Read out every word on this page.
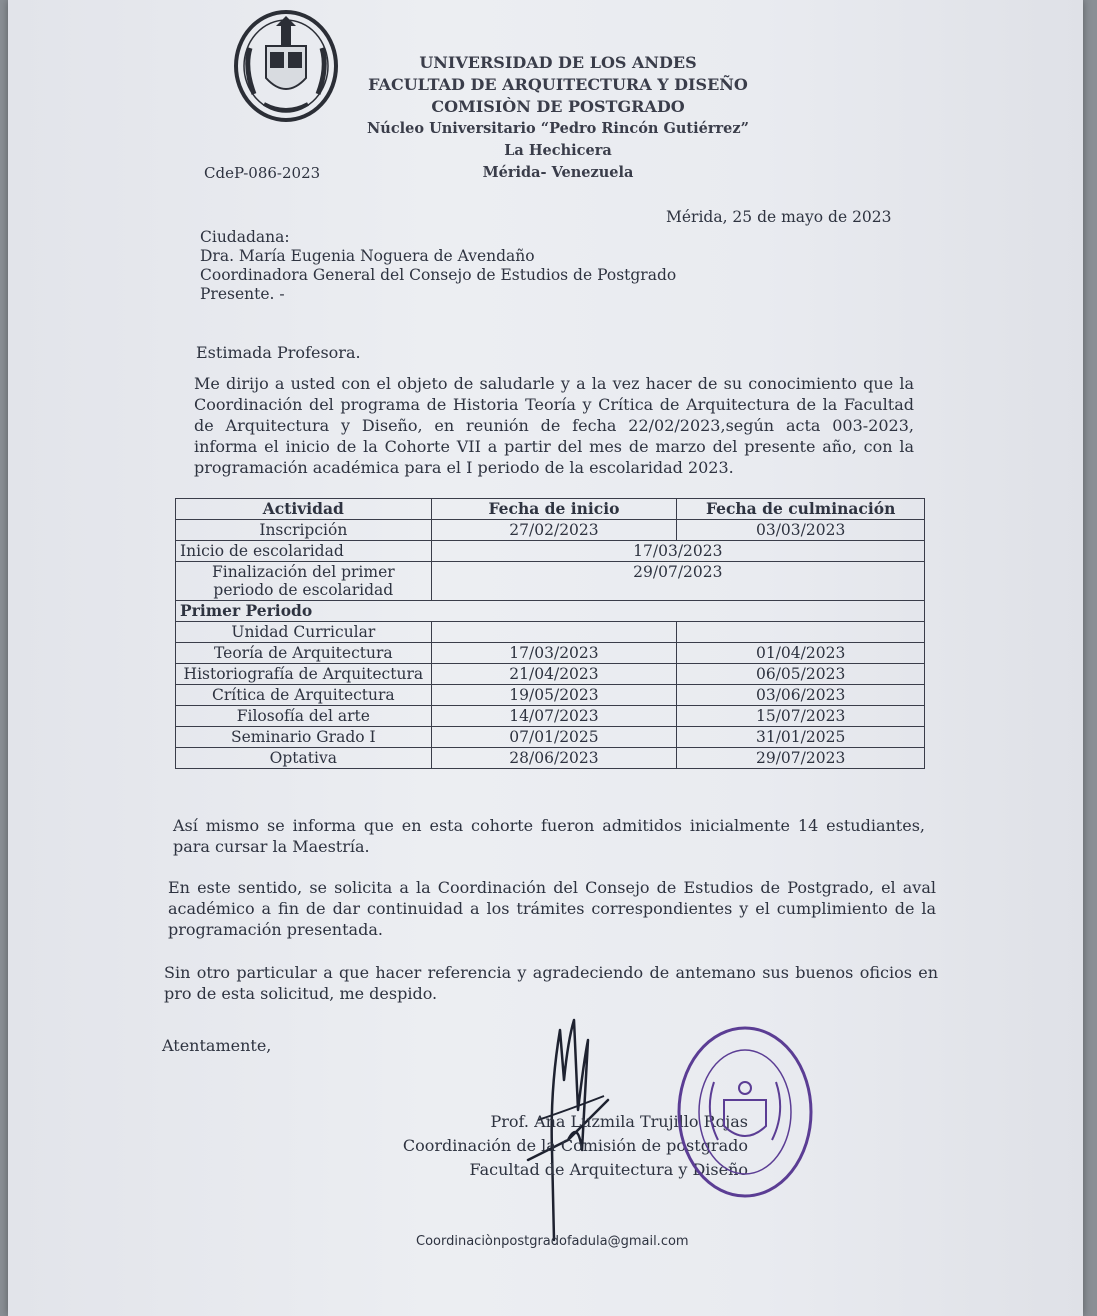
UNIVERSIDAD DE LOS ANDES
FACULTAD DE ARQUITECTURA Y DISEÑO
COMISIÒN DE POSTGRADO
Núcleo Universitario “Pedro Rincón Gutiérrez”
La Hechicera
Mérida- Venezuela
CdeP-086-2023
Mérida, 25 de mayo de 2023
Ciudadana:
Dra. María Eugenia Noguera de Avendaño
Coordinadora General del Consejo de Estudios de Postgrado
Presente. -
Estimada Profesora.
Me dirijo a usted con el objeto de saludarle y a la vez hacer de su conocimiento que la Coordinación del programa de Historia Teoría y Crítica de Arquitectura de la Facultad de Arquitectura y Diseño, en reunión de fecha 22/02/2023,según acta 003-2023, informa el inicio de la Cohorte VII a partir del mes de marzo del presente año, con la programación académica para el I periodo de la escolaridad 2023.
Actividad	Fecha de inicio	Fecha de culminación
Inscripción	27/02/2023	03/03/2023
Inicio de escolaridad	17/03/2023	
Finalización del primer periodo de escolaridad	29/07/2023	
Primer Periodo		
Unidad Curricular		
Teoría de Arquitectura	17/03/2023	01/04/2023
Historiografía de Arquitectura	21/04/2023	06/05/2023
Crítica de Arquitectura	19/05/2023	03/06/2023
Filosofía del arte	14/07/2023	15/07/2023
Seminario Grado I	07/01/2025	31/01/2025
Optativa	28/06/2023	29/07/2023
Así mismo se informa que en esta cohorte fueron admitidos inicialmente 14 estudiantes, para cursar la Maestría.
En este sentido, se solicita a la Coordinación del Consejo de Estudios de Postgrado, el aval académico a fin de dar continuidad a los trámites correspondientes y el cumplimiento de la programación presentada.
Sin otro particular a que hacer referencia y agradeciendo de antemano sus buenos oficios en pro de esta solicitud, me despido.
Atentamente,
Prof. Ana Luzmila Trujillo Rojas
Coordinación de la Comisión de postgrado
Facultad de Arquitectura y Diseño
Coordinaciònpostgradofadula@gmail.com
